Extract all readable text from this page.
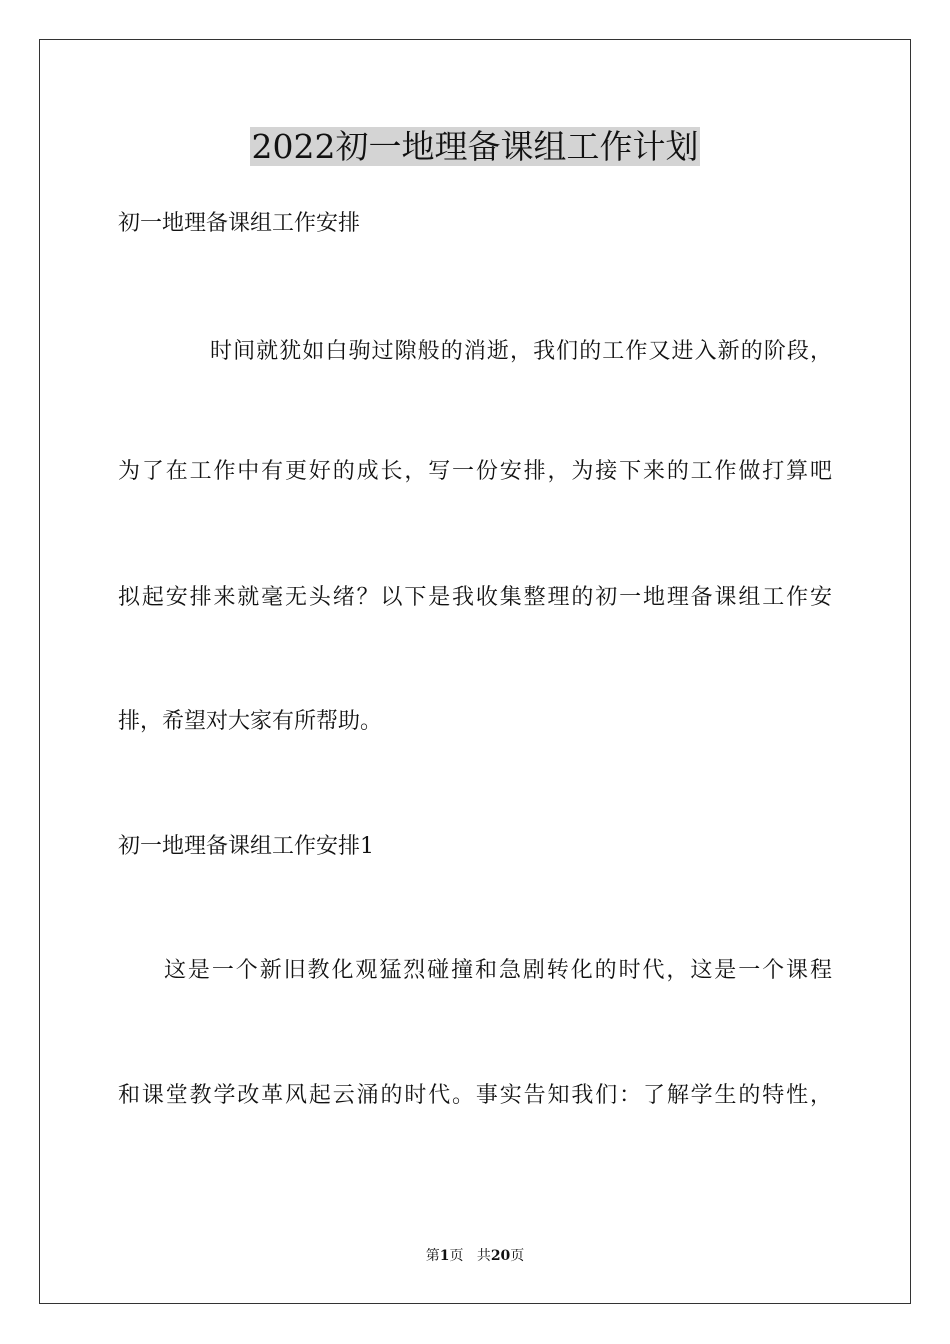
2022初一地理备课组工作计划

初一地理备课组工作安排

时间就犹如白驹过隙般的消逝，我们的工作又进入新的阶段，

为了在工作中有更好的成长，写一份安排，为接下来的工作做打算吧

拟起安排来就毫无头绪？以下是我收集整理的初一地理备课组工作安

排，希望对大家有所帮助。

初一地理备课组工作安排1

这是一个新旧教化观猛烈碰撞和急剧转化的时代，这是一个课程

和课堂教学改革风起云涌的时代。事实告知我们：了解学生的特性，

第1页 共20页
